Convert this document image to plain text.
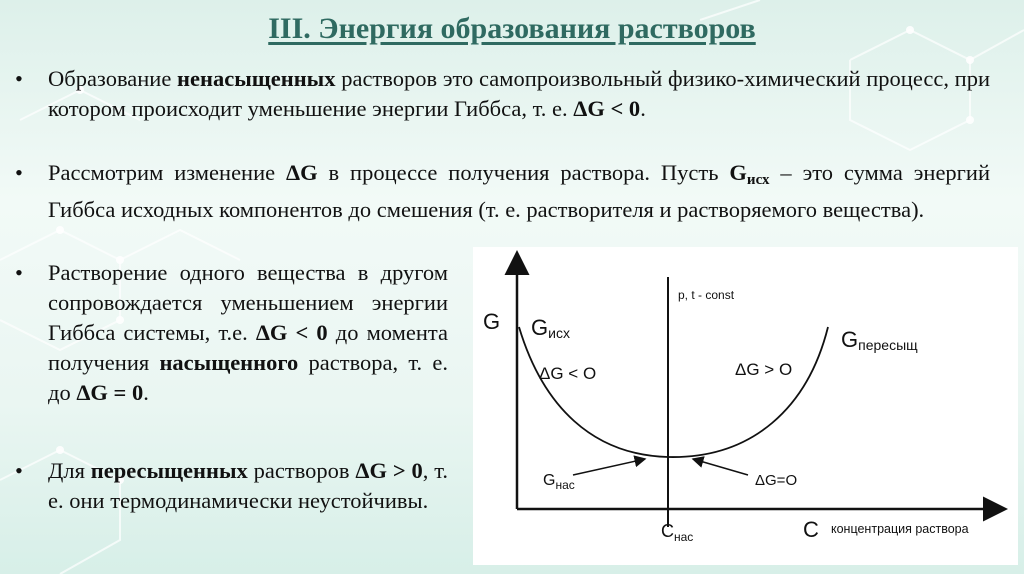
III. Энергия образования растворов
• Образование ненасыщенных растворов это самопроизвольный физико-химический процесс, при котором происходит уменьшение энергии Гиббса, т. е. ΔG < 0.
• Рассмотрим изменение ΔG в процессе получения раствора. Пусть Gисх – это сумма энергий Гиббса исходных компонентов до смешения (т. е. растворителя и растворяемого вещества).
• Растворение одного вещества в другом сопровождается уменьшением энергии Гиббса системы, т.е. ΔG < 0 до момента получения насыщенного раствора, т. е. до ΔG = 0.
• Для пересыщенных растворов ΔG > 0, т. е. они термодинамически неустойчивы.
G
C
p, t - const
Gисх	Gпересыщ
ΔG < O	ΔG > O
$G_{нас}$	ΔG=O
$C_{нас}$
концентрация раствора
